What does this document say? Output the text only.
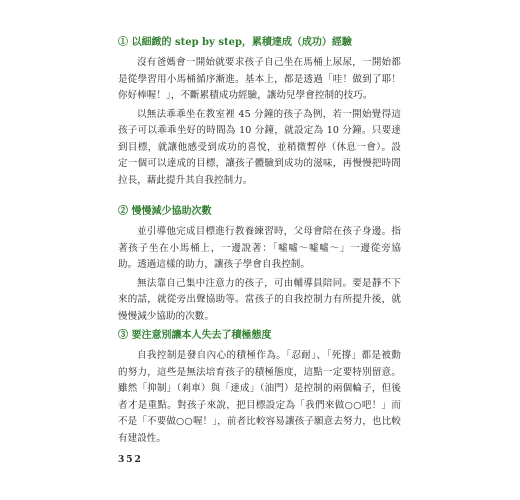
① 以細緻的 step by step，累積達成（成功）經驗

沒有爸媽會一開始就要求孩子自己坐在馬桶上尿尿，一開始都是從學習用小馬桶循序漸進。基本上，都是透過「哇！做到了耶！你好棒喔！」，不斷累積成功經驗，讓幼兒學會控制的技巧。

以無法乖乖坐在教室裡 45 分鐘的孩子為例，若一開始覺得這孩子可以乖乖坐好的時間為 10 分鐘，就設定為 10 分鐘。只要達到目標，就讓他感受到成功的喜悅，並稍微暫停（休息一會）。設定一個可以達成的目標，讓孩子體驗到成功的滋味，再慢慢把時間拉長，藉此提升其自我控制力。

② 慢慢減少協助次數

並引導他完成目標進行教養練習時，父母會陪在孩子身邊。指著孩子坐在小馬桶上，一邊說著：「噓噓～噓噓～」一邊從旁協助。透過這樣的助力，讓孩子學會自我控制。

無法靠自己集中注意力的孩子，可由輔導員陪同。要是靜不下來的話，就從旁出聲協助等。當孩子的自我控制力有所提升後，就慢慢減少協助的次數。

③ 要注意別讓本人失去了積極態度

自我控制是發自內心的積極作為。「忍耐」、「死撐」都是被動的努力，這些是無法培育孩子的積極態度，這點一定要特別留意。雖然「抑制」（剎車）與「達成」（油門）是控制的兩個輪子，但後者才是重點。對孩子來說，把目標設定為「我們來做○○吧！」而不是「不要做○○喔！」，前者比較容易讓孩子願意去努力，也比較有建設性。

352
